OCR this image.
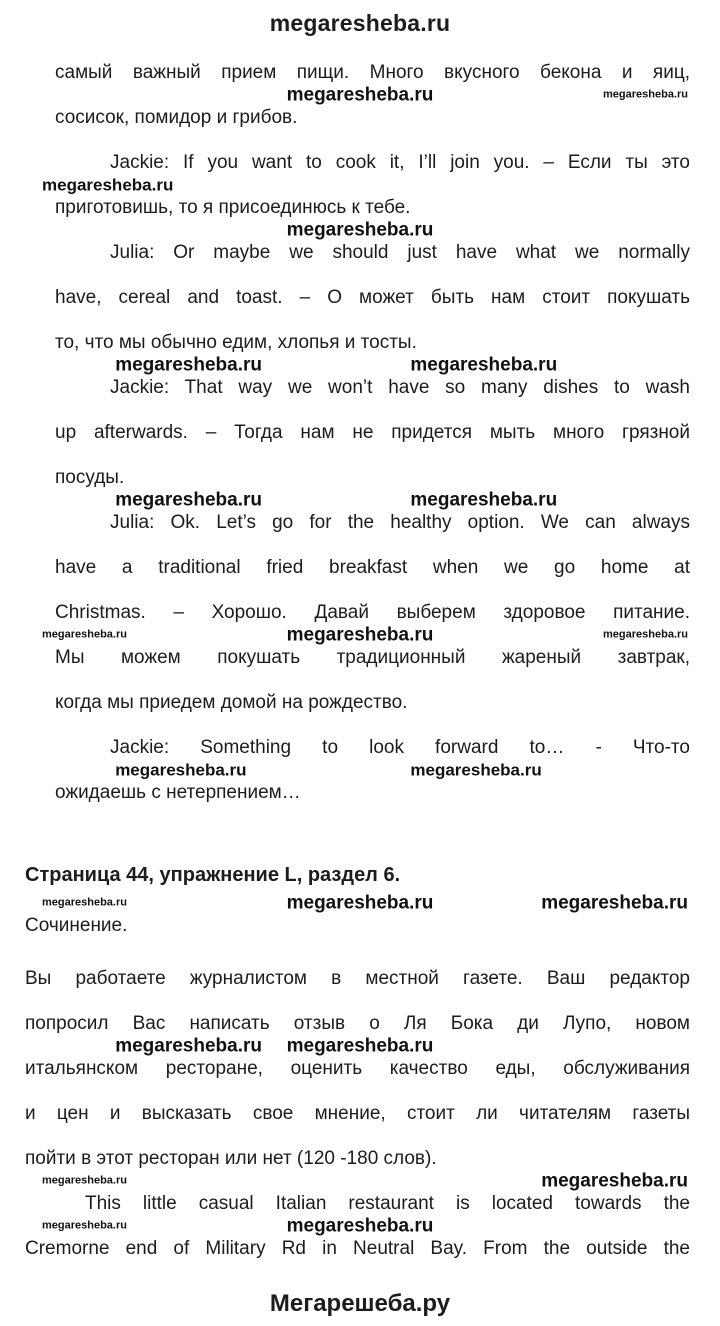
megaresheba.ru
самый важный прием пищи. Много вкусного бекона и яиц,
megaresheba.ru	megaresheba.ru
сосисок, помидор и грибов.
Jackie: If you want to cook it, I’ll join you. – Если ты это
megaresheba.ru
приготовишь, то я присоединюсь к тебе.
megaresheba.ru
Julia: Or maybe we should just have what we normally
have, cereal and toast. – О может быть нам стоит покушать
то, что мы обычно едим, хлопья и тосты.
megaresheba.ru	megaresheba.ru
Jackie: That way we won’t have so many dishes to wash
up afterwards. – Тогда нам не придется мыть много грязной
посуды.
megaresheba.ru	megaresheba.ru
Julia: Ok. Let’s go for the healthy option. We can always
have a traditional fried breakfast when we go home at
Christmas. – Хорошо. Давай выберем здоровое питание.
megaresheba.ru	megaresheba.ru	megaresheba.ru
Мы можем покушать традиционный жареный завтрак,
когда мы приедем домой на рождество.
Jackie: Something to look forward to… - Что-то
megaresheba.ru	megaresheba.ru
ожидаешь с нетерпением…
Страница 44, упражнение L, раздел 6.
megaresheba.ru	megaresheba.ru	megaresheba.ru
Сочинение.
Вы работаете журналистом в местной газете. Ваш редактор
попросил Вас написать отзыв о Ля Бока ди Лупо, новом
megaresheba.ru megaresheba.ru
итальянском ресторане, оценить качество еды, обслуживания
и цен и высказать свое мнение, стоит ли читателям газеты
пойти в этот ресторан или нет (120 -180 слов).
megaresheba.ru	megaresheba.ru
This little casual Italian restaurant is located towards the
megaresheba.ru	megaresheba.ru
Cremorne end of Military Rd in Neutral Bay. From the outside the
Мегарешеба.ру
